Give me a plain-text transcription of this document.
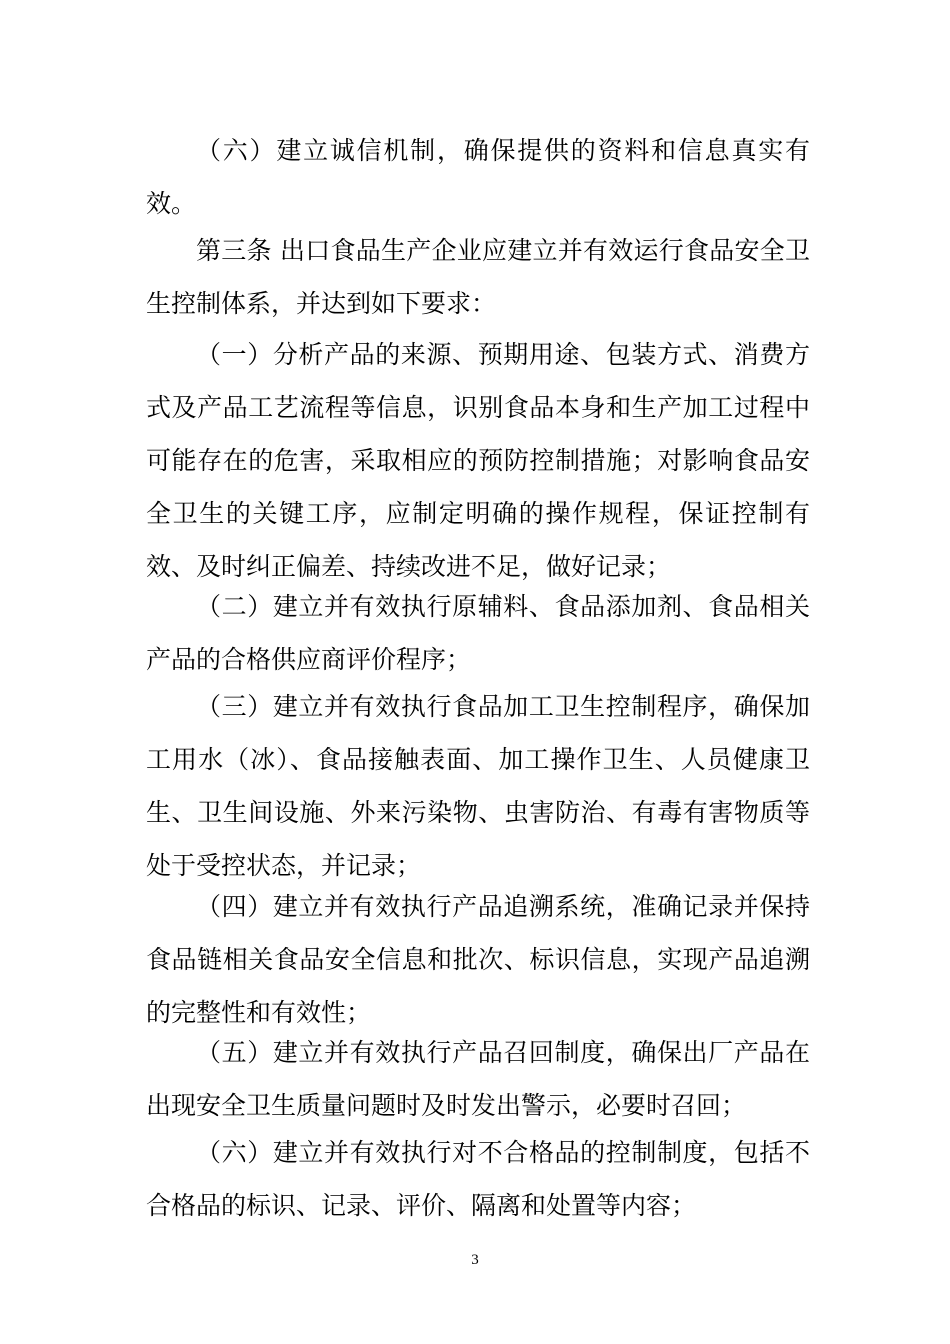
（六）建立诚信机制，确保提供的资料和信息真实有效。

第三条 出口食品生产企业应建立并有效运行食品安全卫生控制体系，并达到如下要求：

（一）分析产品的来源、预期用途、包装方式、消费方式及产品工艺流程等信息，识别食品本身和生产加工过程中可能存在的危害，采取相应的预防控制措施；对影响食品安全卫生的关键工序，应制定明确的操作规程，保证控制有效、及时纠正偏差、持续改进不足，做好记录；

（二）建立并有效执行原辅料、食品添加剂、食品相关产品的合格供应商评价程序；

（三）建立并有效执行食品加工卫生控制程序，确保加工用水（冰）、食品接触表面、加工操作卫生、人员健康卫生、卫生间设施、外来污染物、虫害防治、有毒有害物质等处于受控状态，并记录；

（四）建立并有效执行产品追溯系统，准确记录并保持食品链相关食品安全信息和批次、标识信息，实现产品追溯的完整性和有效性；

（五）建立并有效执行产品召回制度，确保出厂产品在出现安全卫生质量问题时及时发出警示，必要时召回；

（六）建立并有效执行对不合格品的控制制度，包括不合格品的标识、记录、评价、隔离和处置等内容；

3
